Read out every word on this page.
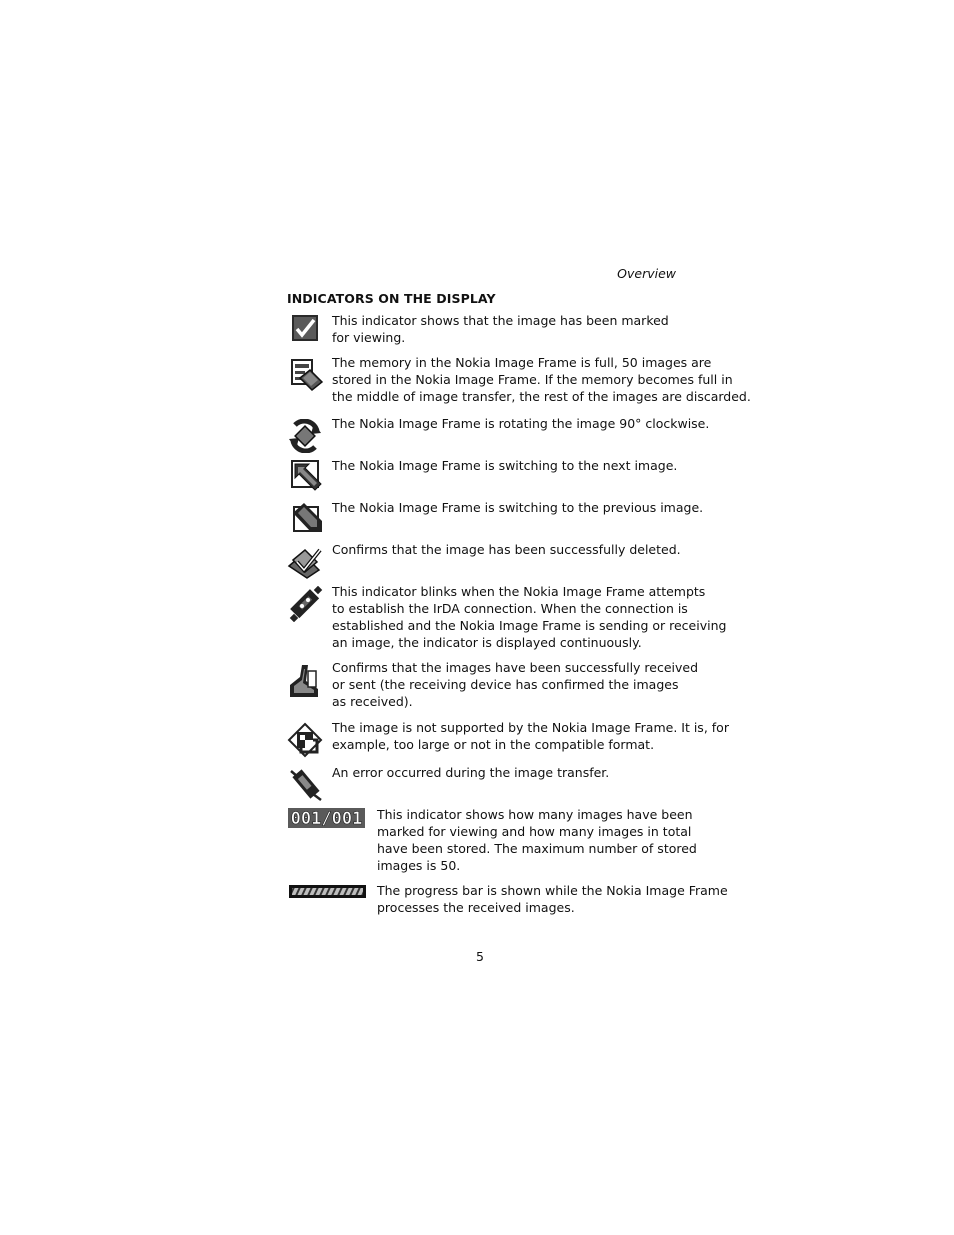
Overview
INDICATORS ON THE DISPLAY
This indicator shows that the image has been marked
for viewing.
The memory in the Nokia Image Frame is full, 50 images are
stored in the Nokia Image Frame. If the memory becomes full in
the middle of image transfer, the rest of the images are discarded.
The Nokia Image Frame is rotating the image 90° clockwise.
The Nokia Image Frame is switching to the next image.
The Nokia Image Frame is switching to the previous image.
Confirms that the image has been successfully deleted.
This indicator blinks when the Nokia Image Frame attempts
to establish the IrDA connection. When the connection is
established and the Nokia Image Frame is sending or receiving
an image, the indicator is displayed continuously.
Confirms that the images have been successfully received
or sent (the receiving device has confirmed the images
as received).
The image is not supported by the Nokia Image Frame. It is, for
example, too large or not in the compatible format.
An error occurred during the image transfer.
001/001 This indicator shows how many images have been
marked for viewing and how many images in total
have been stored. The maximum number of stored
images is 50.
The progress bar is shown while the Nokia Image Frame
processes the received images.
5
